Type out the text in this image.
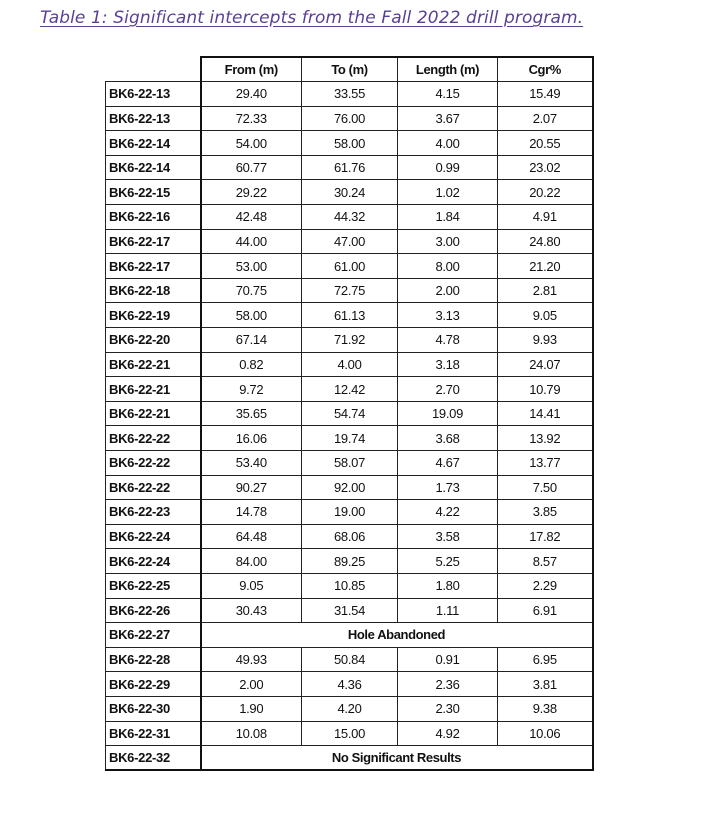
Table 1: Significant intercepts from the Fall 2022 drill program.
	From (m)	To (m)	Length (m)	Cgr%
BK6-22-13	29.40	33.55	4.15	15.49
BK6-22-13	72.33	76.00	3.67	2.07
BK6-22-14	54.00	58.00	4.00	20.55
BK6-22-14	60.77	61.76	0.99	23.02
BK6-22-15	29.22	30.24	1.02	20.22
BK6-22-16	42.48	44.32	1.84	4.91
BK6-22-17	44.00	47.00	3.00	24.80
BK6-22-17	53.00	61.00	8.00	21.20
BK6-22-18	70.75	72.75	2.00	2.81
BK6-22-19	58.00	61.13	3.13	9.05
BK6-22-20	67.14	71.92	4.78	9.93
BK6-22-21	0.82	4.00	3.18	24.07
BK6-22-21	9.72	12.42	2.70	10.79
BK6-22-21	35.65	54.74	19.09	14.41
BK6-22-22	16.06	19.74	3.68	13.92
BK6-22-22	53.40	58.07	4.67	13.77
BK6-22-22	90.27	92.00	1.73	7.50
BK6-22-23	14.78	19.00	4.22	3.85
BK6-22-24	64.48	68.06	3.58	17.82
BK6-22-24	84.00	89.25	5.25	8.57
BK6-22-25	9.05	10.85	1.80	2.29
BK6-22-26	30.43	31.54	1.11	6.91
BK6-22-27	Hole Abandoned			
BK6-22-28	49.93	50.84	0.91	6.95
BK6-22-29	2.00	4.36	2.36	3.81
BK6-22-30	1.90	4.20	2.30	9.38
BK6-22-31	10.08	15.00	4.92	10.06
BK6-22-32	No Significant Results			
